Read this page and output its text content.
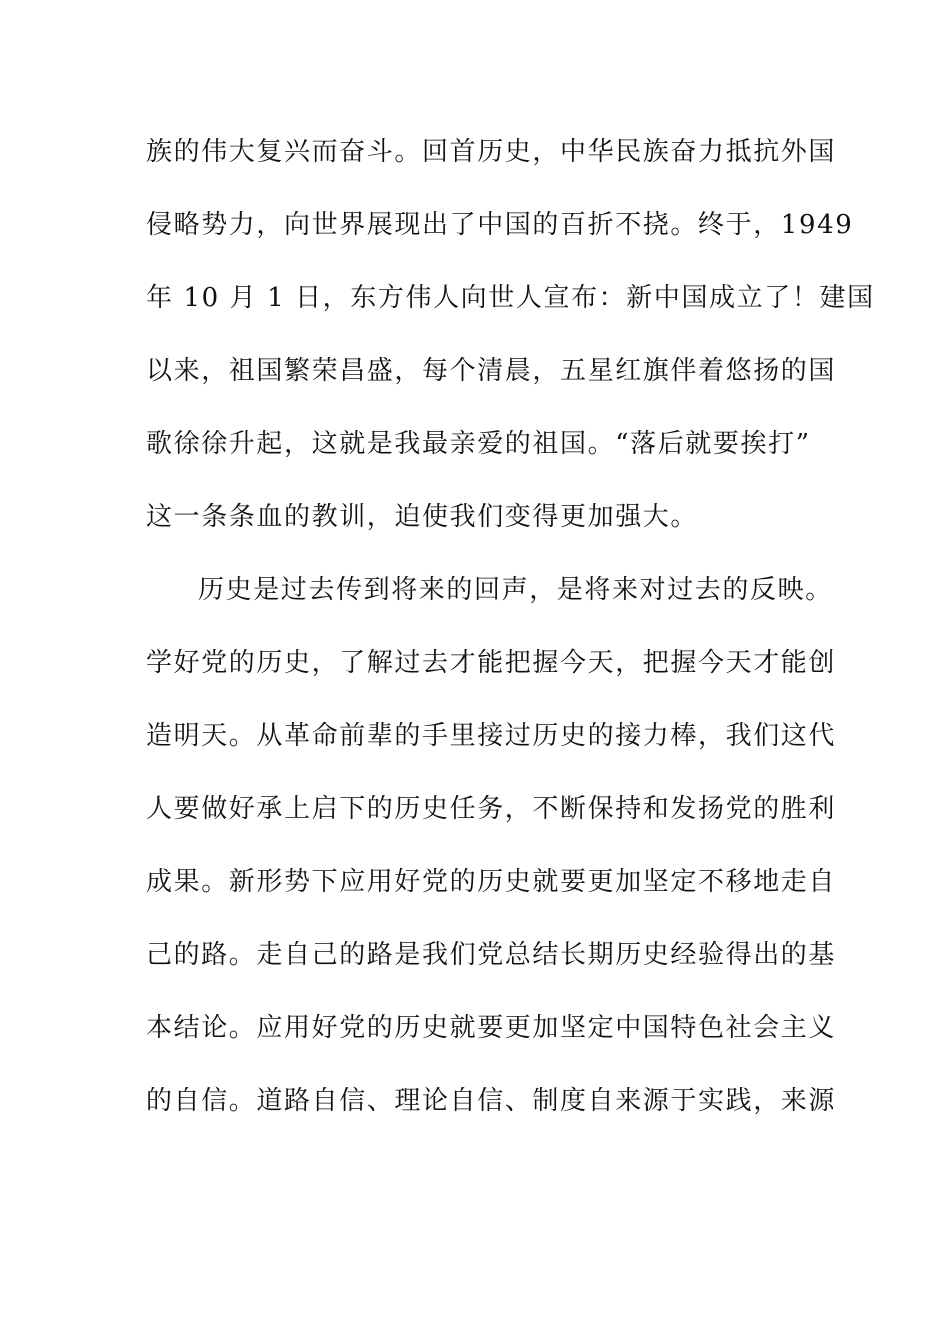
族的伟大复兴而奋斗。回首历史，中华民族奋力抵抗外国
侵略势力，向世界展现出了中国的百折不挠。终于，1949
年 10 月 1 日，东方伟人向世人宣布：新中国成立了！建国
以来，祖国繁荣昌盛，每个清晨，五星红旗伴着悠扬的国
歌徐徐升起，这就是我最亲爱的祖国。“落后就要挨打”
这一条条血的教训，迫使我们变得更加强大。
历史是过去传到将来的回声，是将来对过去的反映。
学好党的历史，了解过去才能把握今天，把握今天才能创
造明天。从革命前辈的手里接过历史的接力棒，我们这代
人要做好承上启下的历史任务，不断保持和发扬党的胜利
成果。新形势下应用好党的历史就要更加坚定不移地走自
己的路。走自己的路是我们党总结长期历史经验得出的基
本结论。应用好党的历史就要更加坚定中国特色社会主义
的自信。道路自信、理论自信、制度自来源于实践，来源
